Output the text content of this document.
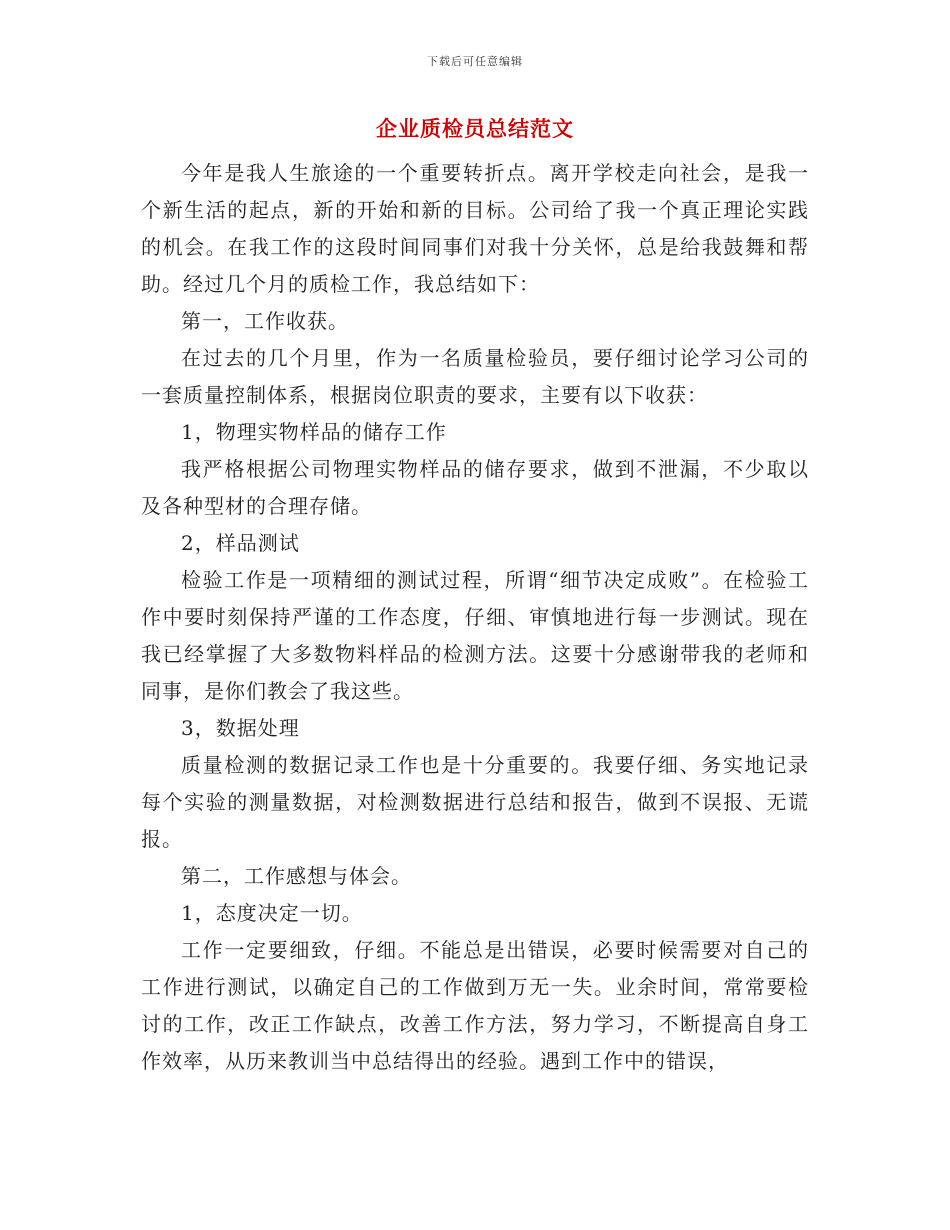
下载后可任意编辑
企业质检员总结范文

今年是我人生旅途的一个重要转折点。离开学校走向社会，是我一个新生活的起点，新的开始和新的目标。公司给了我一个真正理论实践的机会。在我工作的这段时间同事们对我十分关怀，总是给我鼓舞和帮助。经过几个月的质检工作，我总结如下：

第一，工作收获。

在过去的几个月里，作为一名质量检验员，要仔细讨论学习公司的一套质量控制体系，根据岗位职责的要求，主要有以下收获：

1，物理实物样品的储存工作

我严格根据公司物理实物样品的储存要求，做到不泄漏，不少取以及各种型材的合理存储。

2，样品测试

检验工作是一项精细的测试过程，所谓“细节决定成败”。在检验工作中要时刻保持严谨的工作态度，仔细、审慎地进行每一步测试。现在我已经掌握了大多数物料样品的检测方法。这要十分感谢带我的老师和同事，是你们教会了我这些。

3，数据处理

质量检测的数据记录工作也是十分重要的。我要仔细、务实地记录每个实验的测量数据，对检测数据进行总结和报告，做到不误报、无谎报。

第二，工作感想与体会。

1，态度决定一切。

工作一定要细致，仔细。不能总是出错误，必要时候需要对自己的工作进行测试，以确定自己的工作做到万无一失。业余时间，常常要检讨的工作，改正工作缺点，改善工作方法，努力学习，不断提高自身工作效率，从历来教训当中总结得出的经验。遇到工作中的错误，
